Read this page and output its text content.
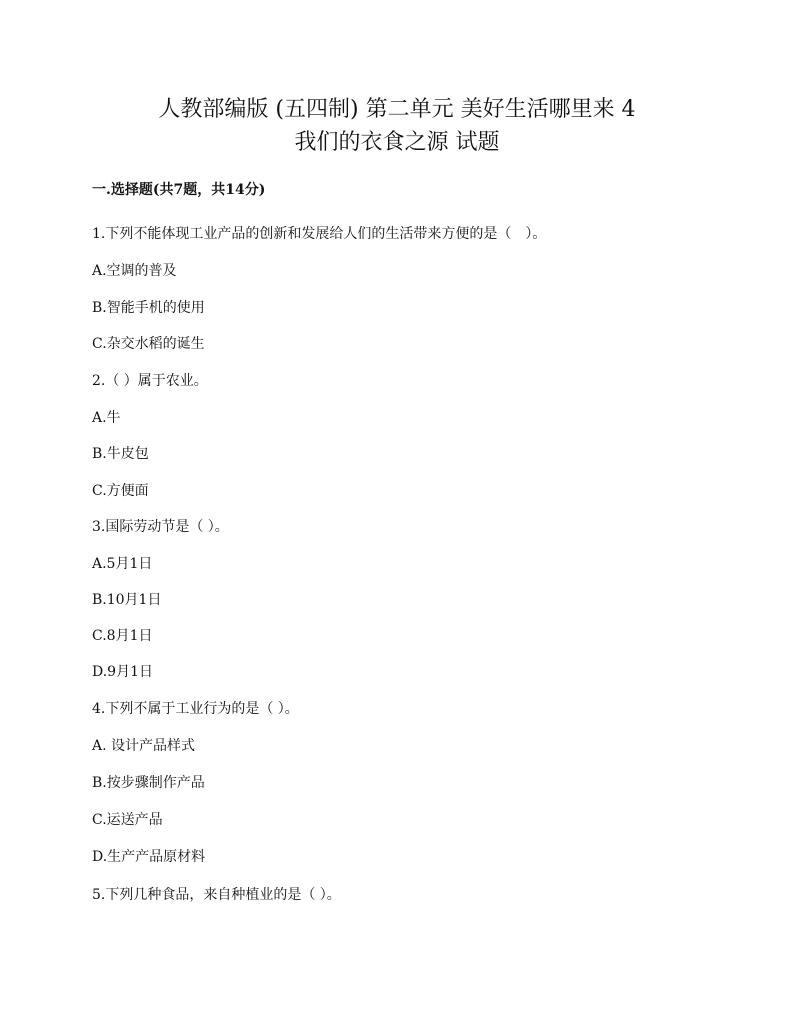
人教部编版 (五四制) 第二单元 美好生活哪里来 4
我们的衣食之源 试题

一.选择题(共7题，共14分)

1.下列不能体现工业产品的创新和发展给人们的生活带来方便的是（　）。

A.空调的普及

B.智能手机的使用

C.杂交水稻的诞生

2.（ ）属于农业。

A.牛

B.牛皮包

C.方便面

3.国际劳动节是（ ）。

A.5月1日

B.10月1日

C.8月1日

D.9月1日

4.下列不属于工业行为的是（ ）。

A. 设计产品样式

B.按步骤制作产品

C.运送产品

D.生产产品原材料

5.下列几种食品，来自种植业的是（ ）。
